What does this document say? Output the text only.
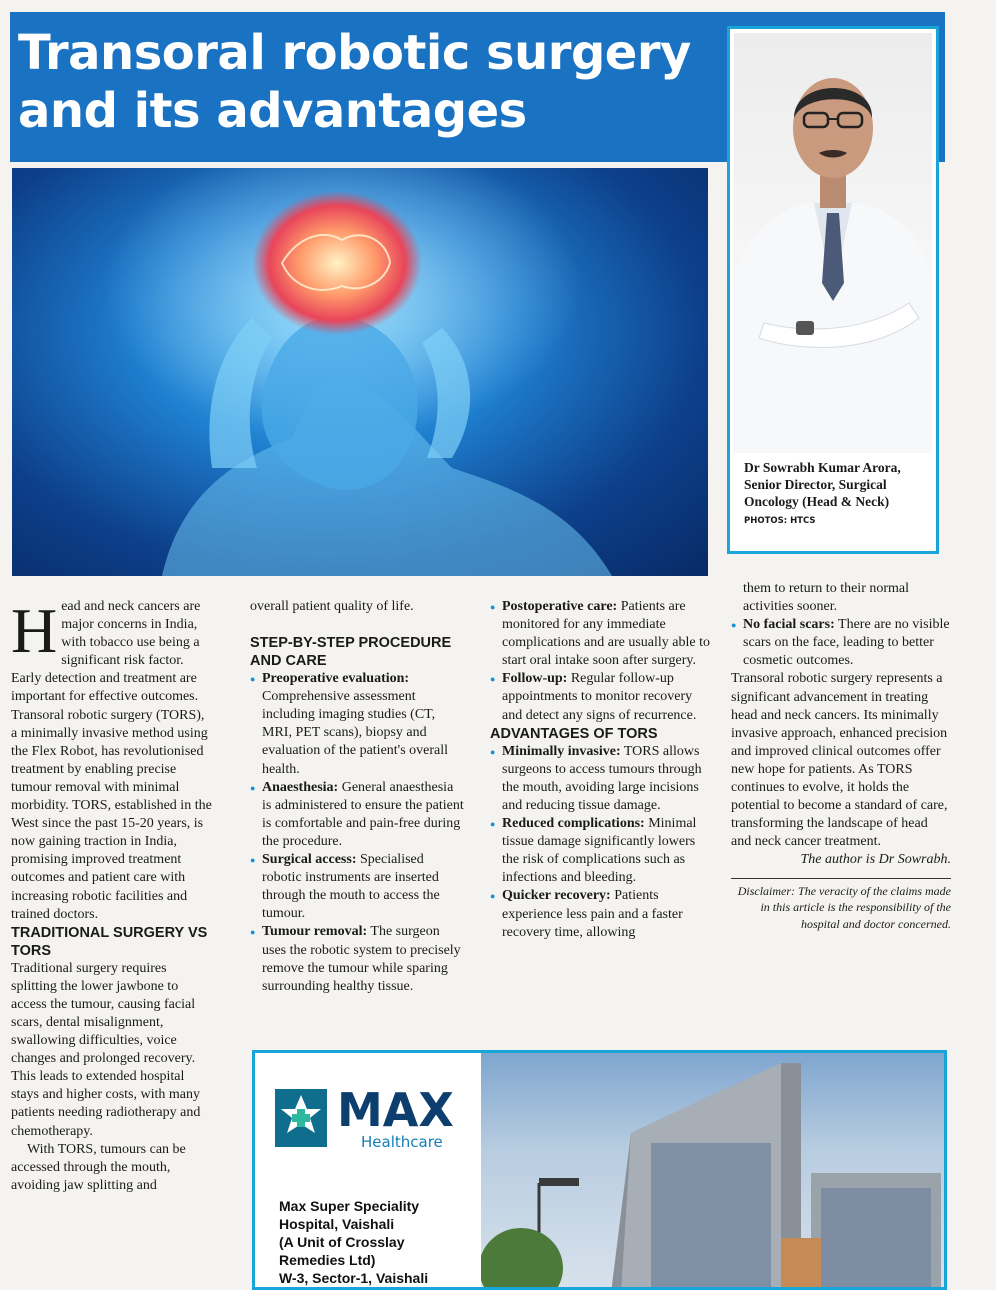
Transoral robotic surgery
and its advantages
Dr Sowrabh Kumar Arora,
Senior Director, Surgical Oncology (Head & Neck)
PHOTOS: HTCS

Head and neck cancers are major concerns in India, with tobacco use being a significant risk factor. Early detection and treatment are important for effective outcomes. Transoral robotic surgery (TORS), a minimally invasive method using the Flex Robot, has revolutionised treatment by enabling precise tumour removal with minimal morbidity. TORS, established in the West since the past 15-20 years, is now gaining traction in India, promising improved treatment outcomes and patient care with increasing robotic facilities and trained doctors.

TRADITIONAL SURGERY VS TORS

Traditional surgery requires splitting the lower jawbone to access the tumour, causing facial scars, dental misalignment, swallowing difficulties, voice changes and prolonged recovery. This leads to extended hospital stays and higher costs, with many patients needing radiotherapy and chemotherapy.

With TORS, tumours can be accessed through the mouth, avoiding jaw splitting and

overall patient quality of life.

STEP-BY-STEP PROCEDURE AND CARE

● Preoperative evaluation: Comprehensive assessment including imaging studies (CT, MRI, PET scans), biopsy and evaluation of the patient's overall health.

● Anaesthesia: General anaesthesia is administered to ensure the patient is comfortable and pain-free during the procedure.

● Surgical access: Specialised robotic instruments are inserted through the mouth to access the tumour.

● Tumour removal: The surgeon uses the robotic system to precisely remove the tumour while sparing surrounding healthy tissue.

● Postoperative care: Patients are monitored for any immediate complications and are usually able to start oral intake soon after surgery.

● Follow-up: Regular follow-up appointments to monitor recovery and detect any signs of recurrence.

ADVANTAGES OF TORS

● Minimally invasive: TORS allows surgeons to access tumours through the mouth, avoiding large incisions and reducing tissue damage.

● Reduced complications: Minimal tissue damage significantly lowers the risk of complications such as infections and bleeding.

● Quicker recovery: Patients experience less pain and a faster recovery time, allowing

them to return to their normal activities sooner.

● No facial scars: There are no visible scars on the face, leading to better cosmetic outcomes.

Transoral robotic surgery represents a significant advancement in treating head and neck cancers. Its minimally invasive approach, enhanced precision and improved clinical outcomes offer new hope for patients. As TORS continues to evolve, it holds the potential to become a standard of care, transforming the landscape of head and neck cancer treatment.

The author is Dr Sowrabh.

Disclaimer: The veracity of the claims made in this article is the responsibility of the hospital and doctor concerned.

MAX
Healthcare
Max Super Speciality
Hospital, Vaishali
(A Unit of Crosslay
Remedies Ltd)
W-3, Sector-1, Vaishali
